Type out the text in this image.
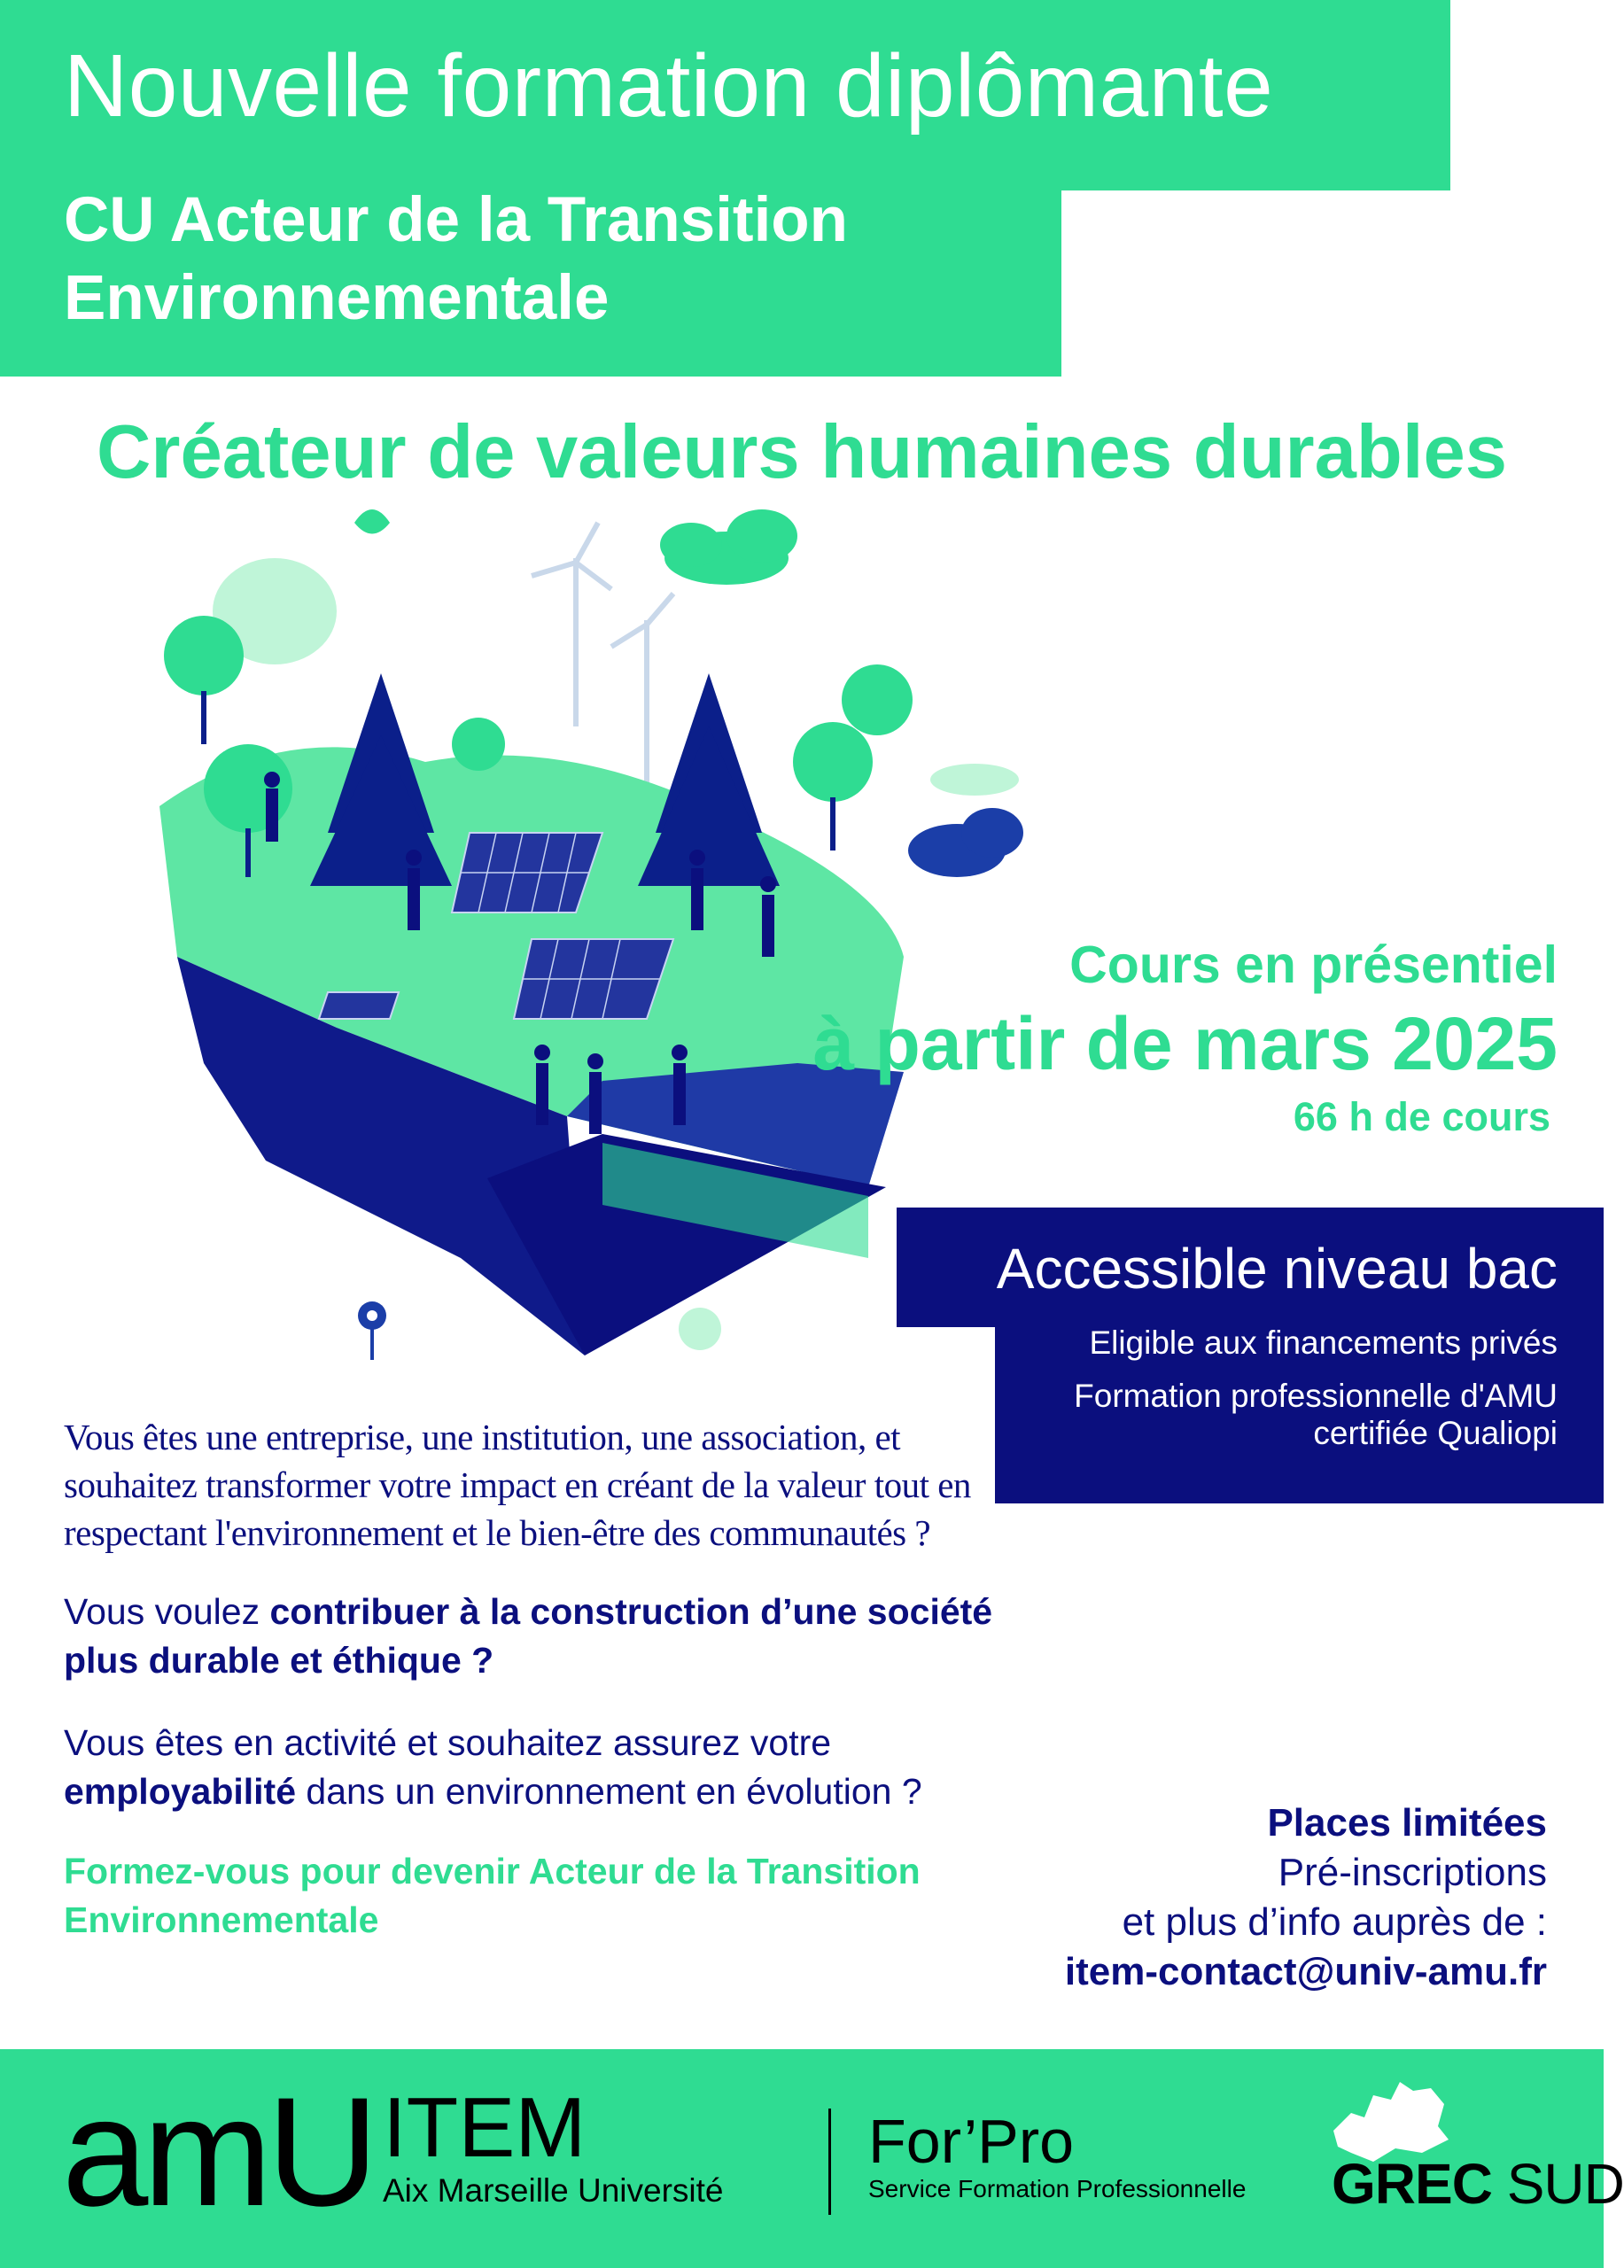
Nouvelle formation diplômante
CU Acteur de la Transition
Environnementale
Créateur de valeurs humaines durables
Cours en présentiel
à partir de mars 2025
66 h de cours
Accessible niveau bac
Eligible aux financements privés
Formation professionnelle d'AMU certifiée Qualiopi
Vous êtes une entreprise, une institution, une association, et souhaitez transformer votre impact en créant de la valeur tout en respectant l'environnement et le bien-être des communautés ?
Vous voulez contribuer à la construction d’une société plus durable et éthique ?
Vous êtes en activité et souhaitez assurez votre employabilité dans un environnement en évolution ?
Formez-vous pour devenir Acteur de la Transition Environnementale
Places limitées
Pré-inscriptions
et plus d’info auprès de :
item-contact@univ-amu.fr
amU ITEM
Aix Marseille Université
For’Pro
Service Formation Professionnelle GREC SUD
